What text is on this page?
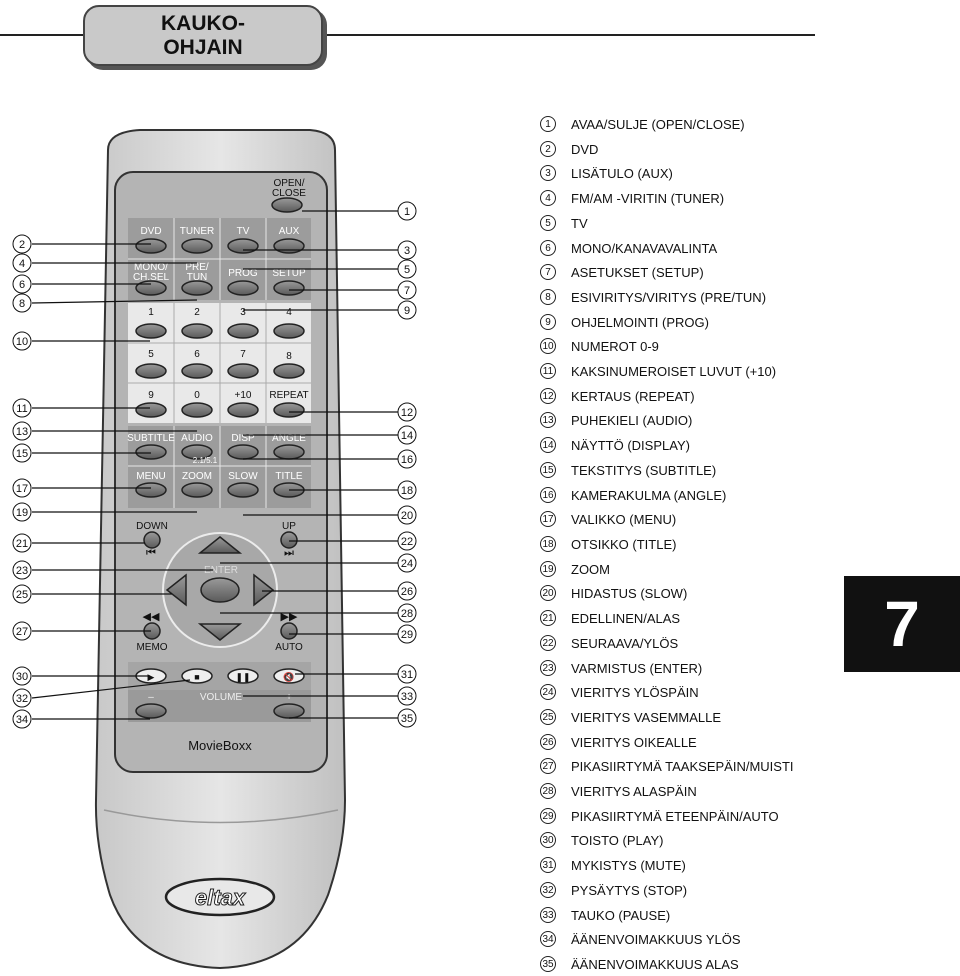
KAUKO-
OHJAIN
7
OPEN/
CLOSE
DVD TUNER TV	AUX
MONO/
CH.SEL
PRE/
TUN PROG SETUP
1	2	3	4
5	6	7	8
9	0	+10 REPEAT
SUBTITLE AUDIO DISP ANGLE
MENU ZOOM SLOW TITLE
2.1/5.1
DOWN	UP
ENTER
MEMO	AUTO
⏮	⏭
◀◀	▶▶
▶	■	❚❚	🔇
VOLUME
–	+
2
4
6
8
10
11
13
15
17
19
21
23
25
27
30
32
34
1
3
5
7
9
12
14
16
18
20
22
24
26
28
29
31
33
35
MovieBoxx
eltax
1	AVAA/SULJE (OPEN/CLOSE)
2	DVD
3	LISÄTULO (AUX)
4	FM/AM -VIRITIN (TUNER)
5	TV
6	MONO/KANAVAVALINTA
7	ASETUKSET (SETUP)
8	ESIVIRITYS/VIRITYS (PRE/TUN)
9	OHJELMOINTI (PROG)
10 NUMEROT 0-9
11 KAKSINUMEROISET LUVUT (+10)
12 KERTAUS (REPEAT)
13 PUHEKIELI (AUDIO)
14 NÄYTTÖ (DISPLAY)
15 TEKSTITYS (SUBTITLE)
16 KAMERAKULMA (ANGLE)
17 VALIKKO (MENU)
18 OTSIKKO (TITLE)
19 ZOOM
20 HIDASTUS (SLOW)
21 EDELLINEN/ALAS
22 SEURAAVA/YLÖS
23 VARMISTUS (ENTER)
24 VIERITYS YLÖSPÄIN
25 VIERITYS VASEMMALLE
26 VIERITYS OIKEALLE
27 PIKASIIRTYMÄ TAAKSEPÄIN/MUISTI
28 VIERITYS ALASPÄIN
29 PIKASIIRTYMÄ ETEENPÄIN/AUTO
30 TOISTO (PLAY)
31 MYKISTYS (MUTE)
32 PYSÄYTYS (STOP)
33 TAUKO (PAUSE)
34 ÄÄNENVOIMAKKUUS YLÖS
35 ÄÄNENVOIMAKKUUS ALAS
